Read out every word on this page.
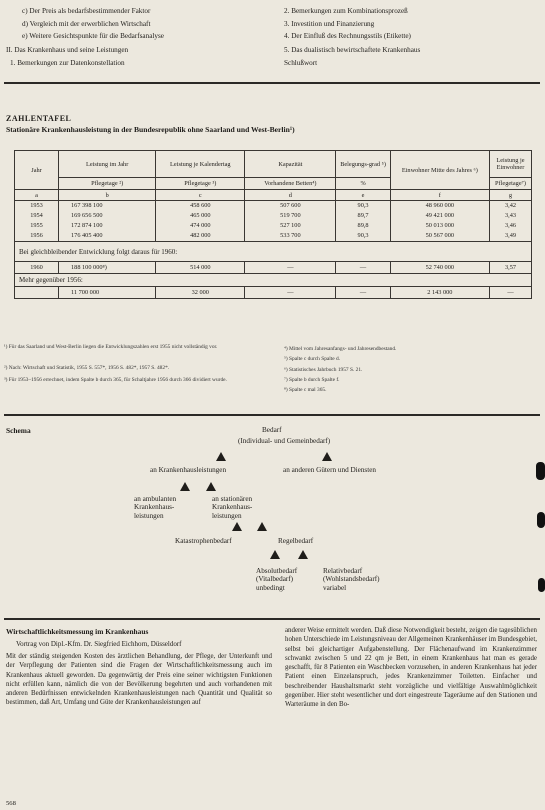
c) Der Preis als bedarfsbestimmender Faktor
d) Vergleich mit der erwerblichen Wirtschaft
e) Weitere Gesichtspunkte für die Bedarfsanalyse
II. Das Krankenhaus und seine Leistungen
1. Bemerkungen zur Datenkonstellation
2. Bemerkungen zum Kombinationsprozeß
3. Investition und Finanzierung
4. Der Einfluß des Rechnungsstils (Etikette)
5. Das dualistisch bewirtschaftete Krankenhaus
Schlußwort
ZAHLENTAFEL
Stationäre Krankenhausleistung in der Bundesrepublik ohne Saarland und West-Berlin¹)
Jahr	Leistung im Jahr	Leistung je Kalendertag	Kapazität	Belegungs-grad ⁵)	Einwohner Mitte des Jahres ⁶)	Leistung je Einwohner
	Pflegetage ²)	Pflegetage ³)	Vorhandene Betten⁴)	%		Pflegetage⁷)
a	b	c	d	e	f	g
1953	167 398 100	458 600	507 600	90,3	48 960 000	3,42
1954	169 656 500	465 000	519 700	89,7	49 421 000	3,43
1955	172 874 100	474 000	527 100	89,8	50 013 000	3,46
1956	176 405 400	482 000	533 700	90,3	50 567 000	3,49
Bei gleichbleibender Entwicklung folgt daraus für 1960:						
1960	188 100 000⁸)	514 000	—	—	52 740 000	3,57
Mehr gegenüber 1956:						
	11 700 000	32 000	—	—	2 143 000	—
¹) Für das Saarland und West-Berlin liegen die Entwicklungszahlen erst 1955 nicht vollständig vor.
²) Nach: Wirtschaft und Statistik, 1955 S. 557*, 1956 S. 482*, 1957 S. 482*.
³) Für 1953–1956 errechnet, indem Spalte b durch 365, für Schaltjahre 1956 durch 366 dividiert wurde.
⁴) Mittel vom Jahresanfangs- und Jahresendbestand.
⁵) Spalte c durch Spalte d.
⁶) Statistisches Jahrbuch 1957 S. 21.
⁷) Spalte b durch Spalte f.
⁸) Spalte c mal 365.
Schema	Bedarf
(Individual- und Gemeinbedarf)
an Krankenhausleistungen	an anderen Gütern und Diensten
an ambulanten
Krankenhaus-
leistungen
an stationären
Krankenhaus-
leistungen
Katastrophenbedarf	Regelbedarf
Absolutbedarf
(Vitalbedarf)
unbedingt
Relativbedarf
(Wohlstandsbedarf)
variabel
Wirtschaftlichkeitsmessung im Krankenhaus
Vortrag von Dipl.-Kfm. Dr. Siegfried Eichhorn, Düsseldorf
Mit der ständig steigenden Kosten des ärztlichen Behandlung, der Pflege, der Unterkunft und der Verpflegung der Patienten sind die Fragen der Wirtschaftlichkeitsmessung auch im Krankenhaus aktuell geworden. Da gegenwärtig der Preis eine seiner wichtigsten Funktionen nicht erfüllen kann, nämlich die von der Bevölkerung begehrten und auch vorhandenen mit anderen Bedürfnissen entwickelnden Krankenhausleistungen nach Quantität und Qualität so bestimmen, daß Art, Umfang und Güte der Krankenhausleistungen auf
anderer Weise ermittelt werden. Daß diese Notwendigkeit besteht, zeigen die tagesüblichen hohen Unterschiede im Leistungsniveau der Allgemeinen Krankenhäuser im Bundesgebiet, selbst bei gleichartiger Aufgabenstellung. Der Flächenaufwand im Krankenzimmer schwankt zwischen 5 und 22 qm je Bett, in einem Krankenhaus hat man es gerade geschafft, für 8 Patienten ein Waschbecken vorzusehen, in anderen Krankenhaus hat jeder Patient einen Einzelanspruch, jedes Krankenzimmer Toiletten. Einfacher und beschreibender Haushaltsmarkt steht vorzügliche und vielfältige Auswahlmöglichkeit gegenüber. Hier steht wesentlicher und dort eingestreute Tageräume auf den Stationen und Warteräume in den Bo-
568
